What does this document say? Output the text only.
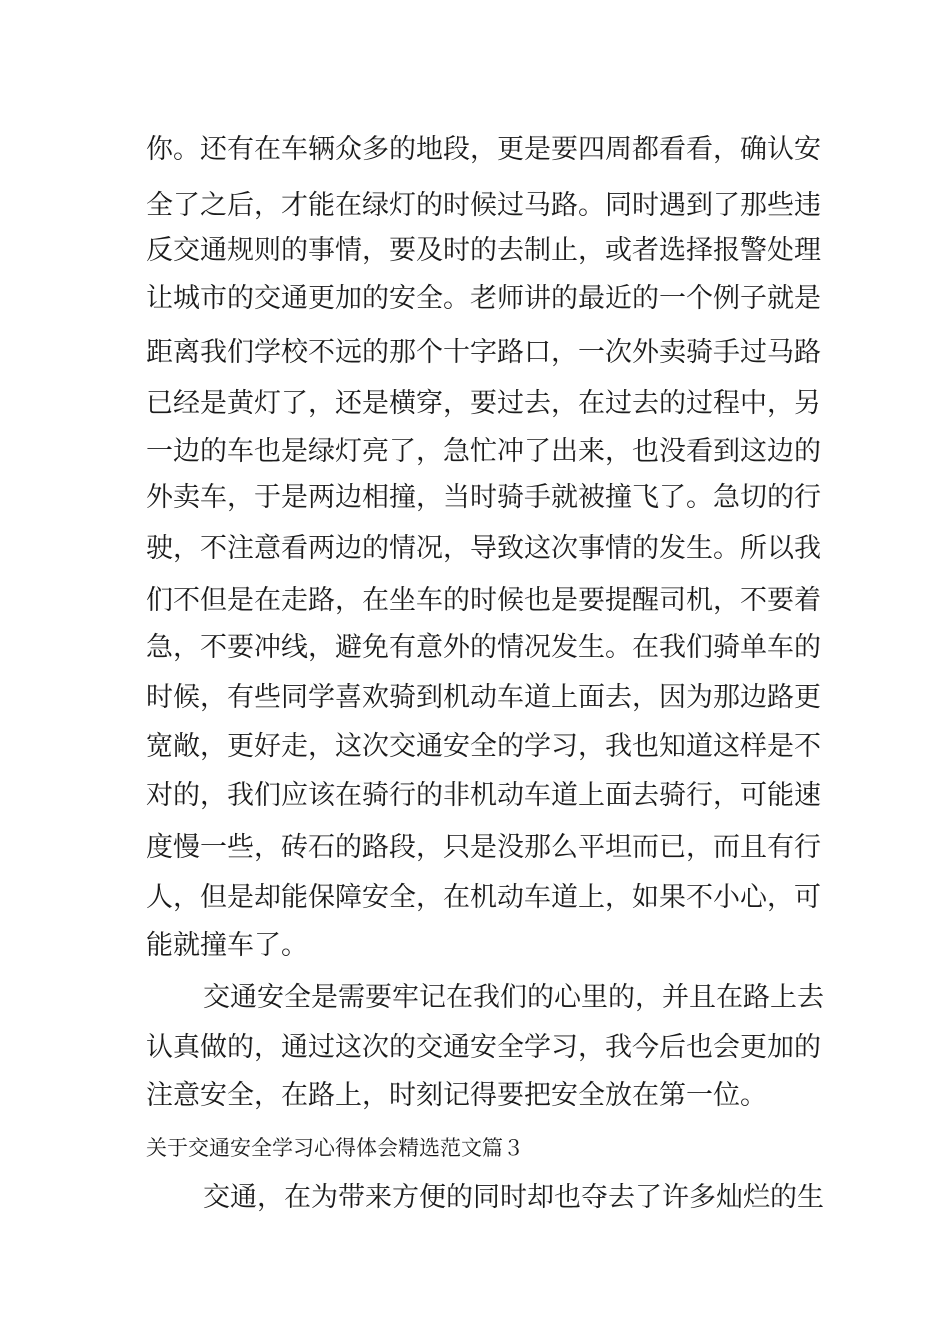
你。还有在车辆众多的地段，更是要四周都看看，确认安
全了之后，才能在绿灯的时候过马路。同时遇到了那些违
反交通规则的事情，要及时的去制止，或者选择报警处理
让城市的交通更加的安全。老师讲的最近的一个例子就是
距离我们学校不远的那个十字路口，一次外卖骑手过马路
已经是黄灯了，还是横穿，要过去，在过去的过程中，另
一边的车也是绿灯亮了，急忙冲了出来，也没看到这边的
外卖车，于是两边相撞，当时骑手就被撞飞了。急切的行
驶，不注意看两边的情况，导致这次事情的发生。所以我
们不但是在走路，在坐车的时候也是要提醒司机，不要着
急，不要冲线，避免有意外的情况发生。在我们骑单车的
时候，有些同学喜欢骑到机动车道上面去，因为那边路更
宽敞，更好走，这次交通安全的学习，我也知道这样是不
对的，我们应该在骑行的非机动车道上面去骑行，可能速
度慢一些，砖石的路段，只是没那么平坦而已，而且有行
人，但是却能保障安全，在机动车道上，如果不小心，可
能就撞车了。
交通安全是需要牢记在我们的心里的，并且在路上去
认真做的，通过这次的交通安全学习，我今后也会更加的
注意安全，在路上，时刻记得要把安全放在第一位。
关于交通安全学习心得体会精选范文篇３
交通，在为带来方便的同时却也夺去了许多灿烂的生
